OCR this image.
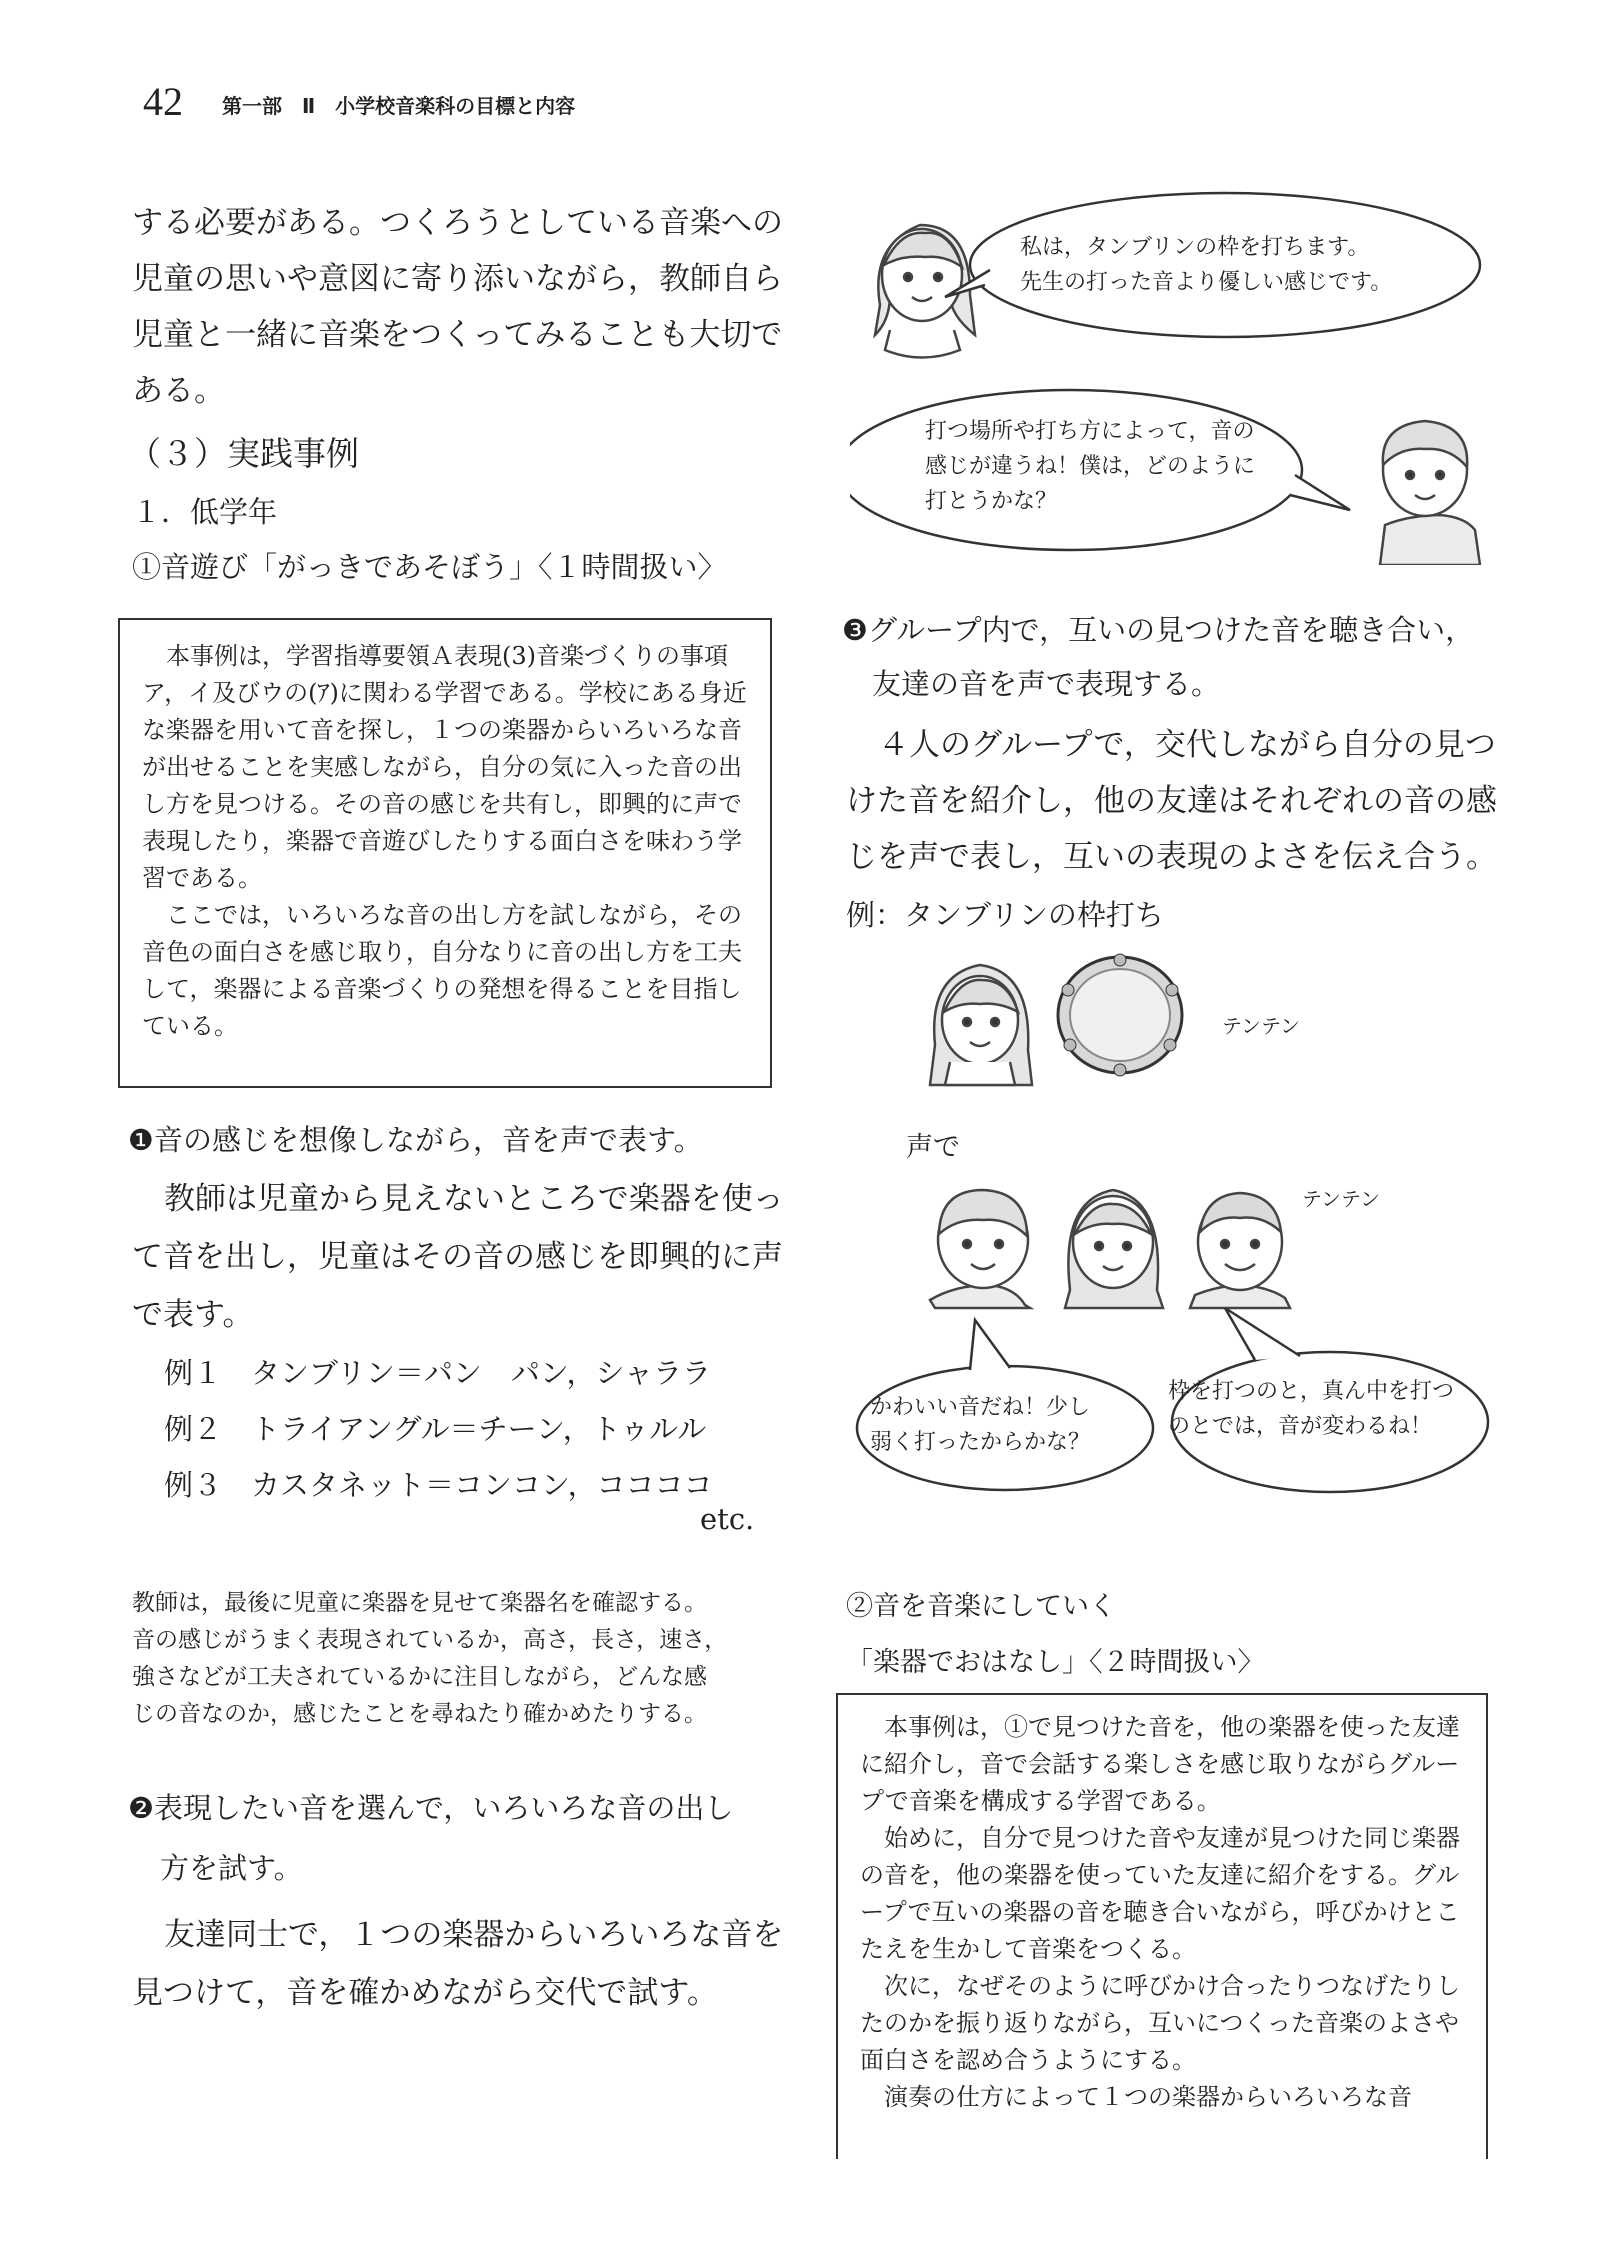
42 第一部　Ⅱ　小学校音楽科の目標と内容
する必要がある。つくろうとしている音楽への
児童の思いや意図に寄り添いながら，教師自ら
児童と一緒に音楽をつくってみることも大切で
ある。
（３）実践事例
１．低学年
①音遊び「がっきであそぼう」〈１時間扱い〉

本事例は，学習指導要領Ａ表現(3)音楽づくりの事項ア，イ及びウの(ｱ)に関わる学習である。学校にある身近な楽器を用いて音を探し，１つの楽器からいろいろな音が出せることを実感しながら，自分の気に入った音の出し方を見つける。その音の感じを共有し，即興的に声で表現したり，楽器で音遊びしたりする面白さを味わう学習である。

ここでは，いろいろな音の出し方を試しながら，その音色の面白さを感じ取り，自分なりに音の出し方を工夫して，楽器による音楽づくりの発想を得ることを目指している。

❶音の感じを想像しながら，音を声で表す。
教師は児童から見えないところで楽器を使っ
て音を出し，児童はその音の感じを即興的に声
で表す。
例１　タンブリン＝パン　パン，シャララ
例２　トライアングル＝チーン，トゥルル
例３　カスタネット＝コンコン，ココココ
etc.
教師は，最後に児童に楽器を見せて楽器名を確認する。
音の感じがうまく表現されているか，高さ，長さ，速さ，
強さなどが工夫されているかに注目しながら，どんな感
じの音なのか，感じたことを尋ねたり確かめたりする。
❷表現したい音を選んで，いろいろな音の出し
方を試す。
友達同士で，１つの楽器からいろいろな音を
見つけて，音を確かめながら交代で試す。
私は，タンブリンの枠を打ちます。
先生の打った音より優しい感じです。
打つ場所や打ち方によって，音の
感じが違うね！僕は，どのように
打とうかな？
❸グループ内で，互いの見つけた音を聴き合い，
友達の音を声で表現する。
４人のグループで，交代しながら自分の見つ
けた音を紹介し，他の友達はそれぞれの音の感
じを声で表し，互いの表現のよさを伝え合う。
例：タンブリンの枠打ち
テンテン
声で
テンテン
かわいい音だね！少し
弱く打ったからかな？
枠を打つのと，真ん中を打つ
のとでは，音が変わるね！
②音を音楽にしていく
「楽器でおはなし」〈２時間扱い〉

本事例は，①で見つけた音を，他の楽器を使った友達に紹介し，音で会話する楽しさを感じ取りながらグループで音楽を構成する学習である。

始めに，自分で見つけた音や友達が見つけた同じ楽器の音を，他の楽器を使っていた友達に紹介をする。グループで互いの楽器の音を聴き合いながら，呼びかけとこたえを生かして音楽をつくる。

次に，なぜそのように呼びかけ合ったりつなげたりしたのかを振り返りながら，互いにつくった音楽のよさや面白さを認め合うようにする。

演奏の仕方によって１つの楽器からいろいろな音
